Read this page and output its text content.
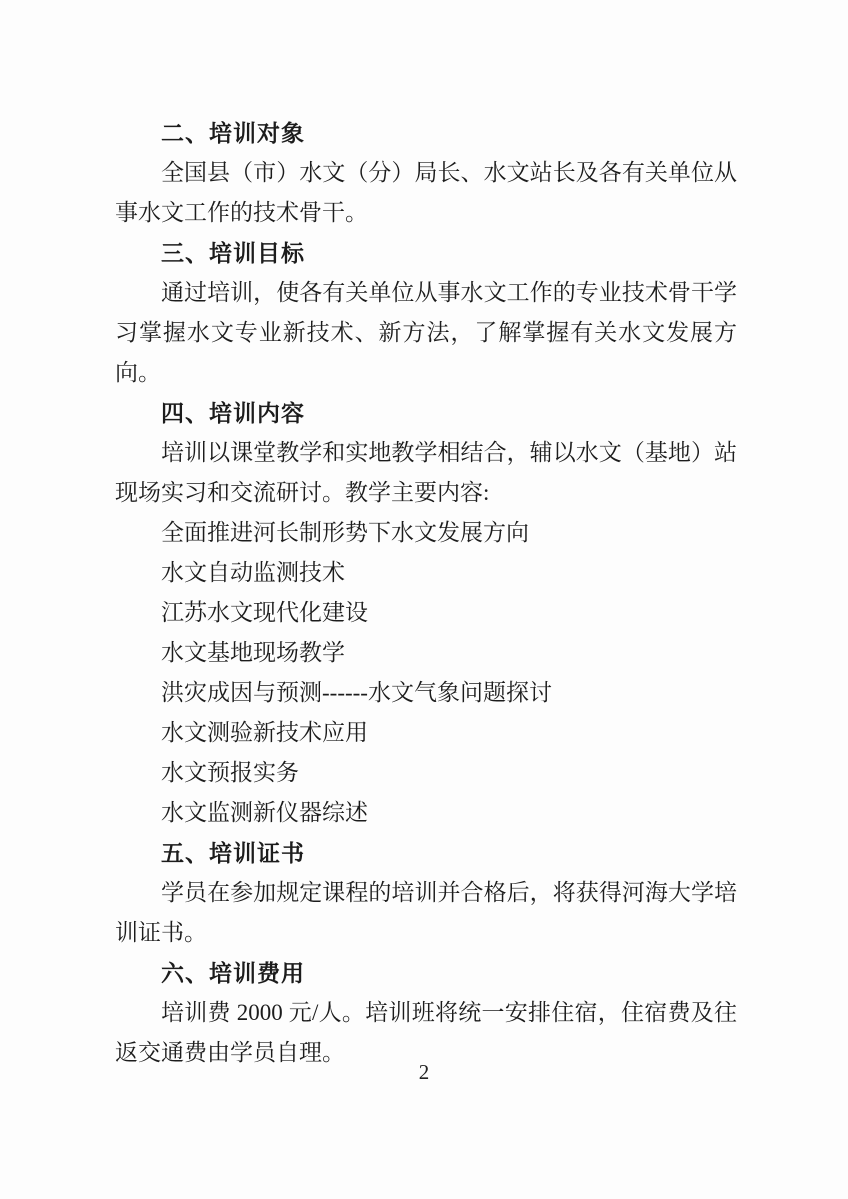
二、培训对象

全国县（市）水文（分）局长、水文站长及各有关单位从事水文工作的技术骨干。

三、培训目标

通过培训，使各有关单位从事水文工作的专业技术骨干学习掌握水文专业新技术、新方法，了解掌握有关水文发展方向。

四、培训内容

培训以课堂教学和实地教学相结合，辅以水文（基地）站现场实习和交流研讨。教学主要内容:

全面推进河长制形势下水文发展方向

水文自动监测技术

江苏水文现代化建设

水文基地现场教学

洪灾成因与预测------水文气象问题探讨

水文测验新技术应用

水文预报实务

水文监测新仪器综述

五、培训证书

学员在参加规定课程的培训并合格后，将获得河海大学培训证书。

六、培训费用

培训费 2000 元/人。培训班将统一安排住宿，住宿费及往返交通费由学员自理。

2
